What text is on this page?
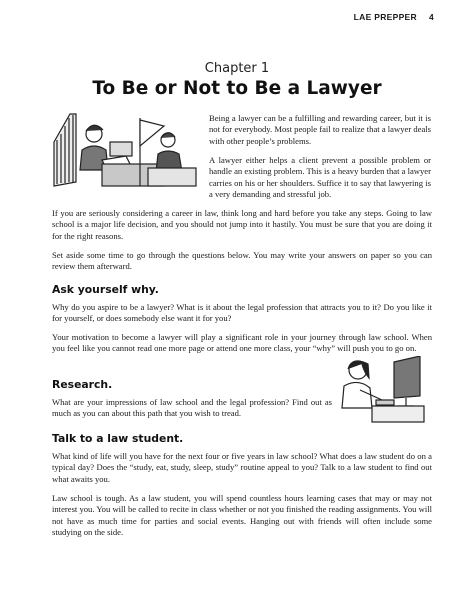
LAE PREPPER 4
Chapter 1
To Be or Not to Be a Lawyer

Being a lawyer can be a fulfilling and rewarding career, but it is not for everybody. Most people fail to realize that a lawyer deals with other people’s problems.

A lawyer either helps a client prevent a possible problem or handle an existing problem. This is a heavy burden that a lawyer carries on his or her shoulders. Suffice it to say that lawyering is a very demanding and stressful job.

If you are seriously considering a career in law, think long and hard before you take any steps. Going to law school is a major life decision, and you should not jump into it hastily. You must be sure that you are doing it for the right reasons.

Set aside some time to go through the questions below. You may write your answers on paper so you can review them afterward.

Ask yourself why.

Why do you aspire to be a lawyer? What is it about the legal profession that attracts you to it? Do you like it for yourself, or does somebody else want it for you?

Your motivation to become a lawyer will play a significant role in your journey through law school. When you feel like you cannot read one more page or attend one more class, your “why” will push you to go on.

Research.

What are your impressions of law school and the legal profession? Find out as much as you can about this path that you wish to tread.

Talk to a law student.

What kind of life will you have for the next four or five years in law school? What does a law student do on a typical day? Does the “study, eat, study, sleep, study” routine appeal to you? Talk to a law student to find out what awaits you.

Law school is tough. As a law student, you will spend countless hours learning cases that may or may not interest you. You will be called to recite in class whether or not you finished the reading assignments. You will not have as much time for parties and social events. Hanging out with friends will often include some studying on the side.
